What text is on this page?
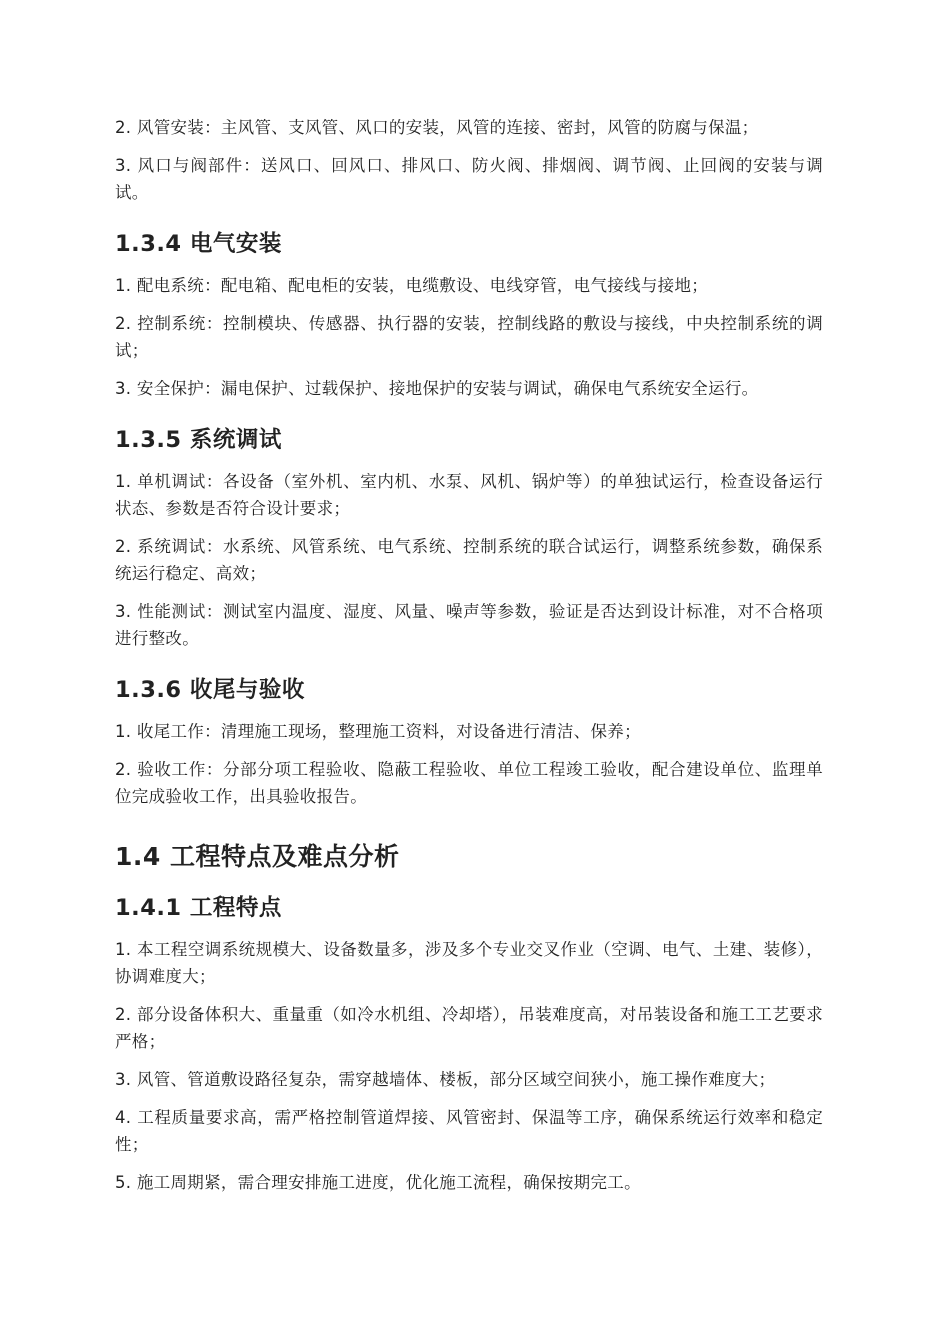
2. 风管安装：主风管、支风管、风口的安装，风管的连接、密封，风管的防腐与保温；

3. 风口与阀部件：送风口、回风口、排风口、防火阀、排烟阀、调节阀、止回阀的安装与调试。

1.3.4 电气安装

1. 配电系统：配电箱、配电柜的安装，电缆敷设、电线穿管，电气接线与接地；

2. 控制系统：控制模块、传感器、执行器的安装，控制线路的敷设与接线，中央控制系统的调试；

3. 安全保护：漏电保护、过载保护、接地保护的安装与调试，确保电气系统安全运行。

1.3.5 系统调试

1. 单机调试：各设备（室外机、室内机、水泵、风机、锅炉等）的单独试运行，检查设备运行状态、参数是否符合设计要求；

2. 系统调试：水系统、风管系统、电气系统、控制系统的联合试运行，调整系统参数，确保系统运行稳定、高效；

3. 性能测试：测试室内温度、湿度、风量、噪声等参数，验证是否达到设计标准，对不合格项进行整改。

1.3.6 收尾与验收

1. 收尾工作：清理施工现场，整理施工资料，对设备进行清洁、保养；

2. 验收工作：分部分项工程验收、隐蔽工程验收、单位工程竣工验收，配合建设单位、监理单位完成验收工作，出具验收报告。

1.4 工程特点及难点分析
1.4.1 工程特点

1. 本工程空调系统规模大、设备数量多，涉及多个专业交叉作业（空调、电气、土建、装修），协调难度大；

2. 部分设备体积大、重量重（如冷水机组、冷却塔），吊装难度高，对吊装设备和施工工艺要求严格；

3. 风管、管道敷设路径复杂，需穿越墙体、楼板，部分区域空间狭小，施工操作难度大；

4. 工程质量要求高，需严格控制管道焊接、风管密封、保温等工序，确保系统运行效率和稳定性；

5. 施工周期紧，需合理安排施工进度，优化施工流程，确保按期完工。
